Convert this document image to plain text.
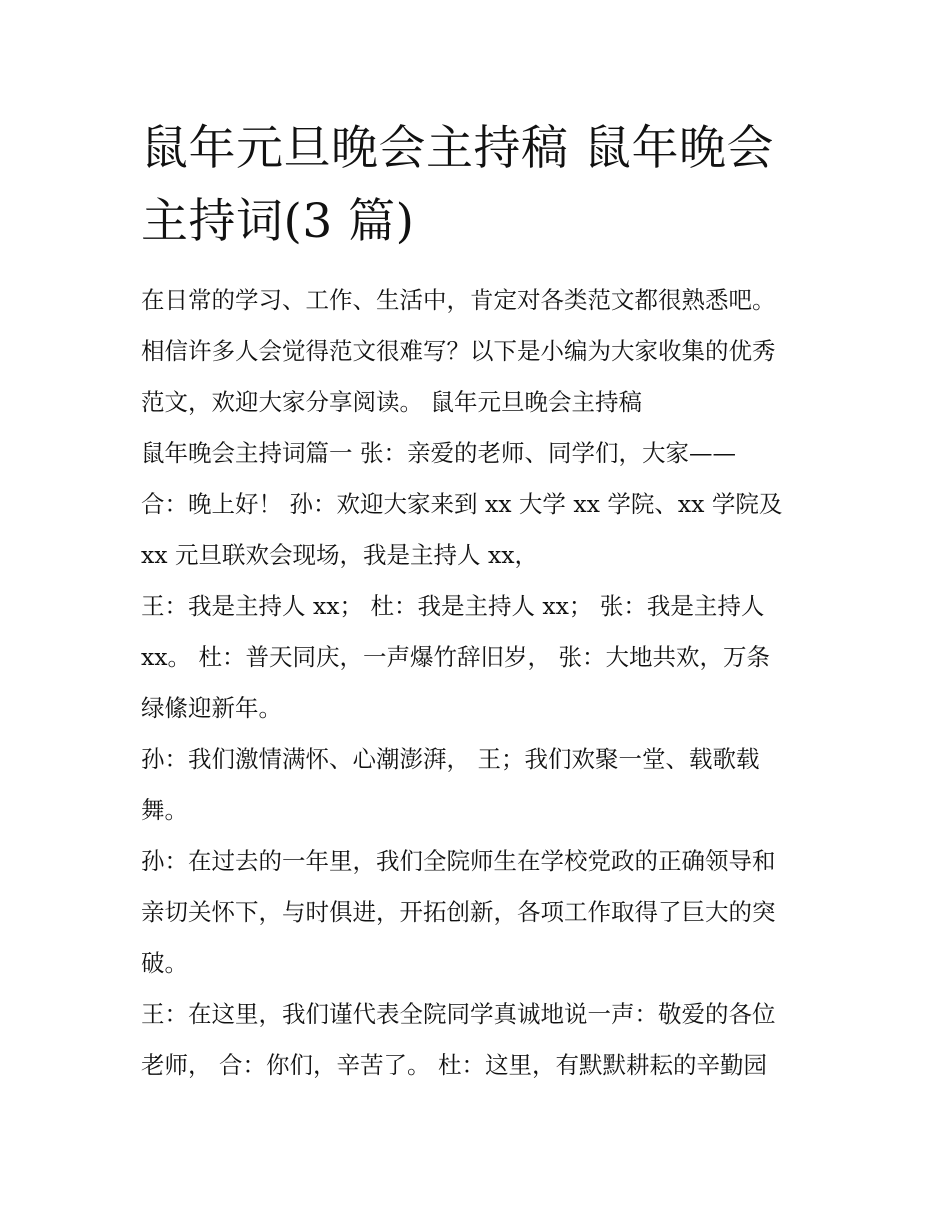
鼠年元旦晚会主持稿 鼠年晚会
主持词(3 篇)
在日常的学习、工作、生活中，肯定对各类范文都很熟悉吧。
相信许多人会觉得范文很难写？以下是小编为大家收集的优秀
范文，欢迎大家分享阅读。 鼠年元旦晚会主持稿
鼠年晚会主持词篇一 张：亲爱的老师、同学们，大家——
合：晚上好！ 孙：欢迎大家来到 xx 大学 xx 学院、xx 学院及
xx 元旦联欢会现场，我是主持人 xx，
王：我是主持人 xx； 杜：我是主持人 xx； 张：我是主持人
xx。 杜：普天同庆，一声爆竹辞旧岁， 张：大地共欢，万条
绿絛迎新年。
孙：我们激情满怀、心潮澎湃， 王；我们欢聚一堂、载歌载
舞。
孙：在过去的一年里，我们全院师生在学校党政的正确领导和
亲切关怀下，与时俱进，开拓创新，各项工作取得了巨大的突
破。
王：在这里，我们谨代表全院同学真诚地说一声：敬爱的各位
老师， 合：你们，辛苦了。 杜：这里，有默默耕耘的辛勤园
